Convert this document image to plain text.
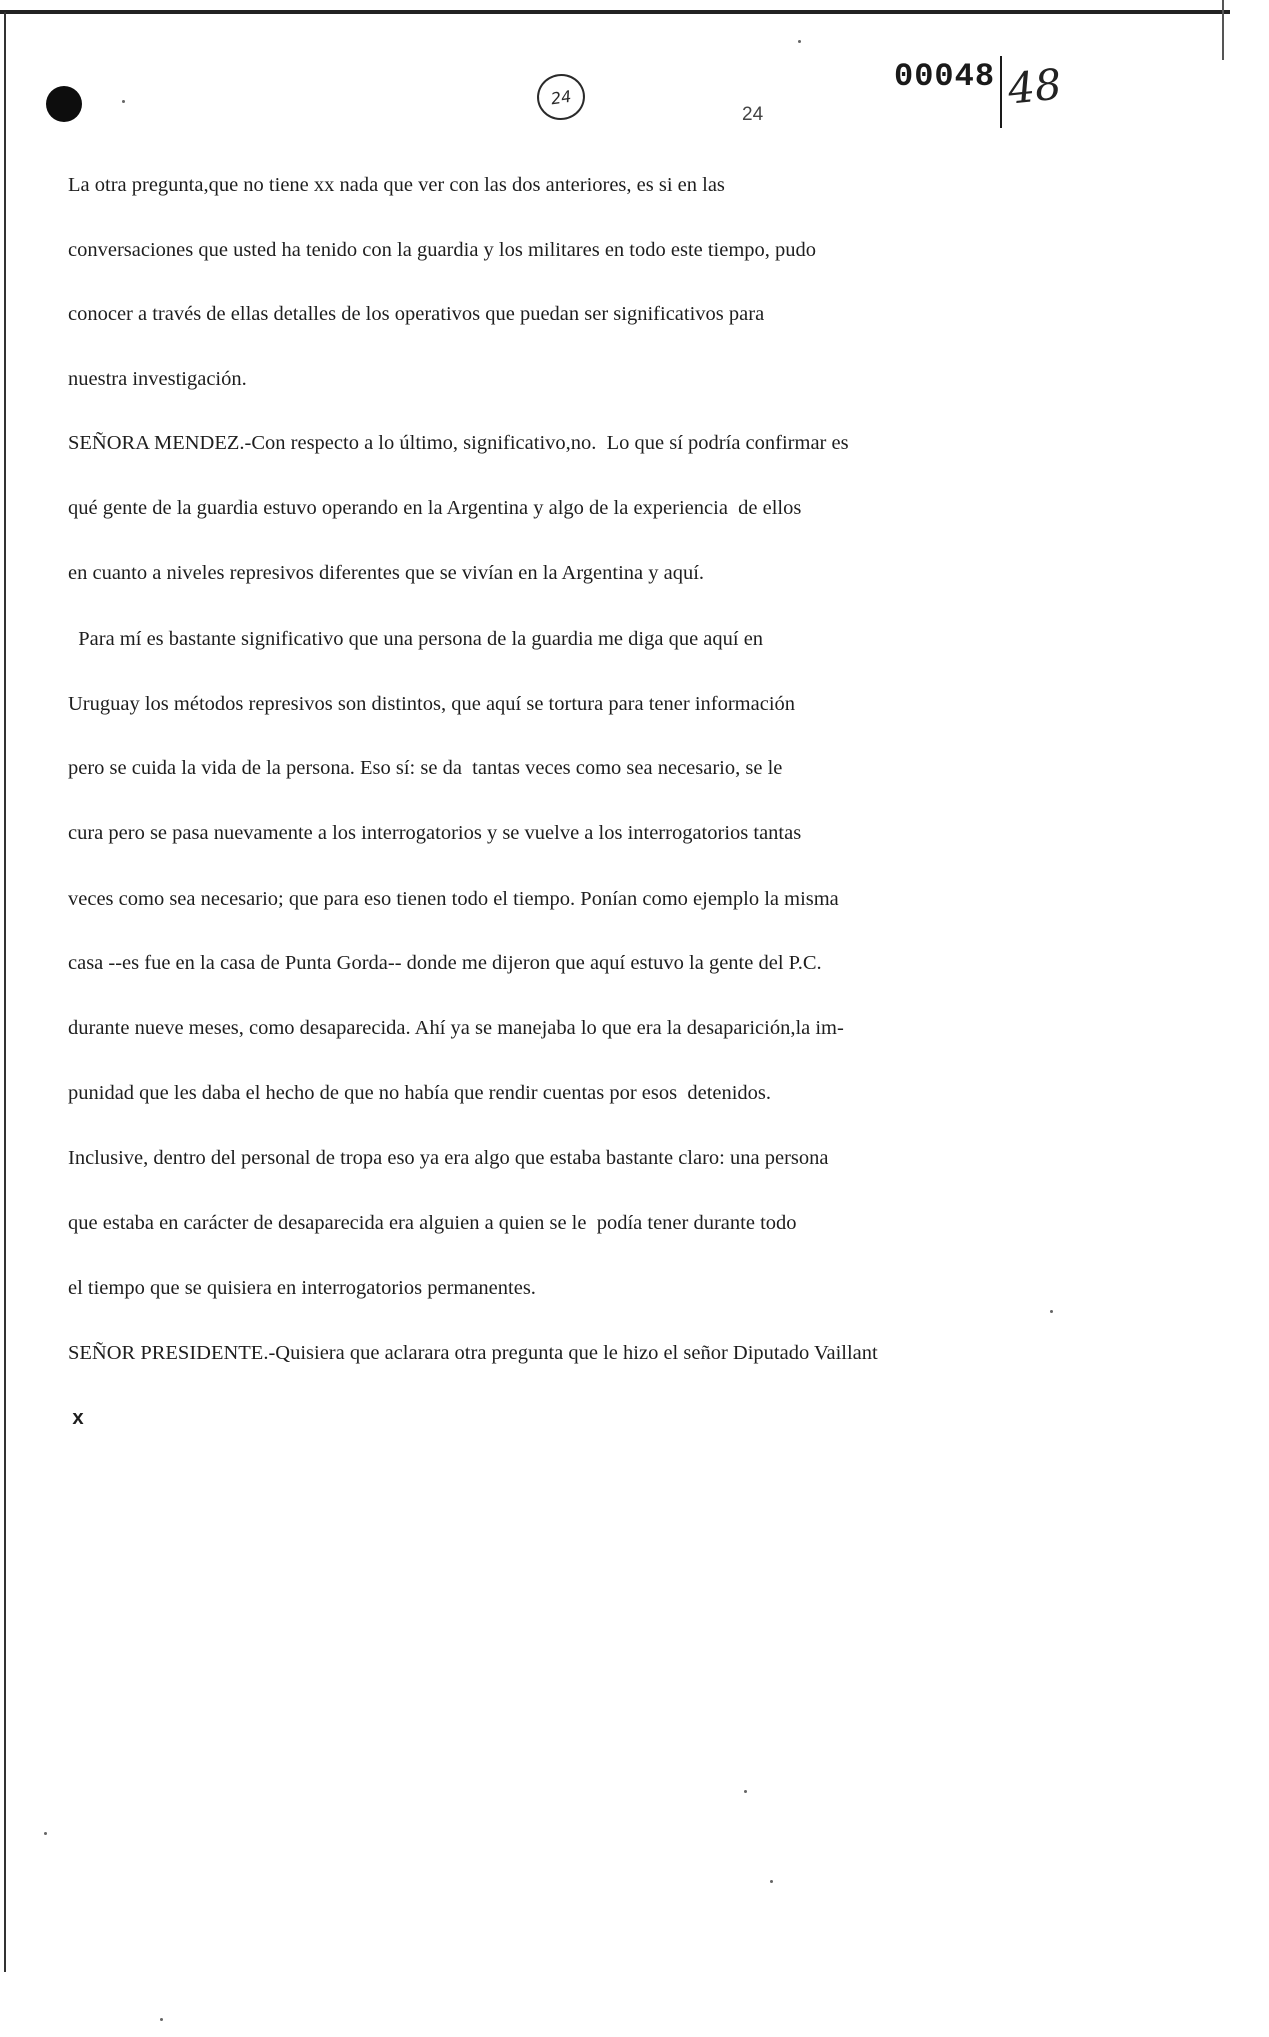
24
24
00048 48
La otra pregunta,que no tiene xx nada que ver con las dos anteriores, es si en las
conversaciones que usted ha tenido con la guardia y los militares en todo este tiempo, pudo
conocer a través de ellas detalles de los operativos que puedan ser significativos para
nuestra investigación.
SEÑORA MENDEZ.-Con respecto a lo último, significativo,no.  Lo que sí podría confirmar es
qué gente de la guardia estuvo operando en la Argentina y algo de la experiencia  de ellos
en cuanto a niveles represivos diferentes que se vivían en la Argentina y aquí.
Para mí es bastante significativo que una persona de la guardia me diga que aquí en
Uruguay los métodos represivos son distintos, que aquí se tortura para tener información
pero se cuida la vida de la persona. Eso sí: se da  tantas veces como sea necesario, se le
cura pero se pasa nuevamente a los interrogatorios y se vuelve a los interrogatorios tantas
veces como sea necesario; que para eso tienen todo el tiempo. Ponían como ejemplo la misma
casa --es fue en la casa de Punta Gorda-- donde me dijeron que aquí estuvo la gente del P.C.
durante nueve meses, como desaparecida. Ahí ya se manejaba lo que era la desaparición,la im-
punidad que les daba el hecho de que no había que rendir cuentas por esos  detenidos.
Inclusive, dentro del personal de tropa eso ya era algo que estaba bastante claro: una persona
que estaba en carácter de desaparecida era alguien a quien se le  podía tener durante todo
el tiempo que se quisiera en interrogatorios permanentes.
SEÑOR PRESIDENTE.-Quisiera que aclarara otra pregunta que le hizo el señor Diputado Vaillant
x
